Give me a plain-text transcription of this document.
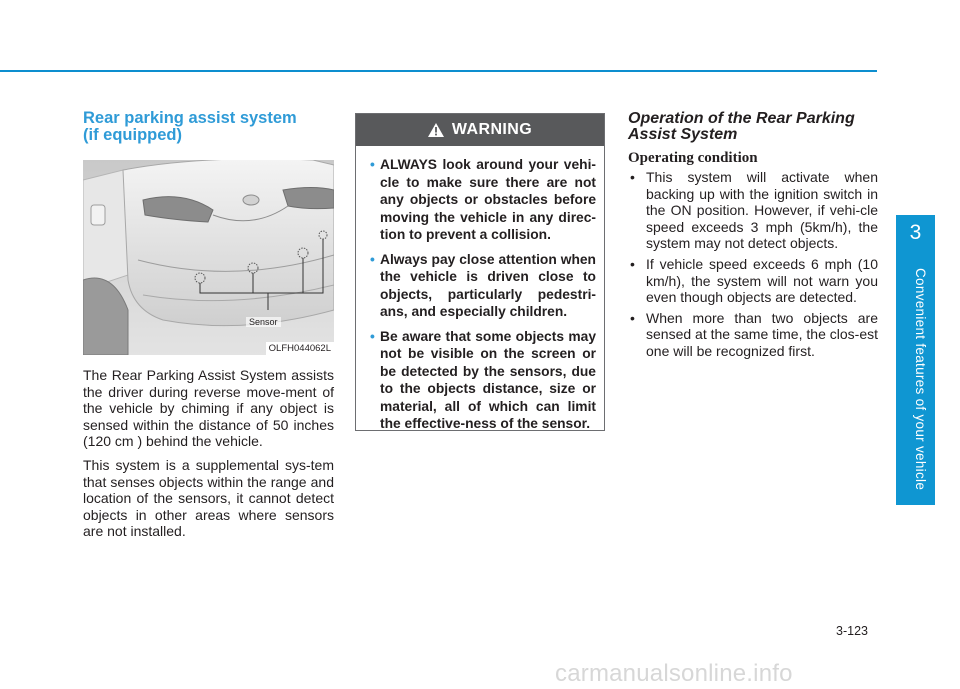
3
Convenient features of your vehicle
Rear parking assist system
(if equipped)
Sensor
OLFH044062L

The Rear Parking Assist System assists the driver during reverse move-ment of the vehicle by chiming if any object is sensed within the distance of 50 inches (120 cm ) behind the vehicle.

This system is a supplemental sys-tem that senses objects within the range and location of the sensors, it cannot detect objects in other areas where sensors are not installed.

WARNING
• ALWAYS look around your vehi-cle to make sure there are not any objects or obstacles before moving the vehicle in any direc-tion to prevent a collision.
• Always pay close attention when the vehicle is driven close to objects, particularly pedestri-ans, and especially children.
• Be aware that some objects may not be visible on the screen or be detected by the sensors, due to the objects distance, size or material, all of which can limit the effective-ness of the sensor.
Operation of the Rear Parking
Assist System
Operating condition
• This system will activate when backing up with the ignition switch in the ON position. However, if vehi-cle speed exceeds 3 mph (5km/h), the system may not detect objects.
• If vehicle speed exceeds 6 mph (10 km/h), the system will not warn you even though objects are detected.
• When more than two objects are sensed at the same time, the clos-est one will be recognized first.
3-123
carmanualsonline.info
